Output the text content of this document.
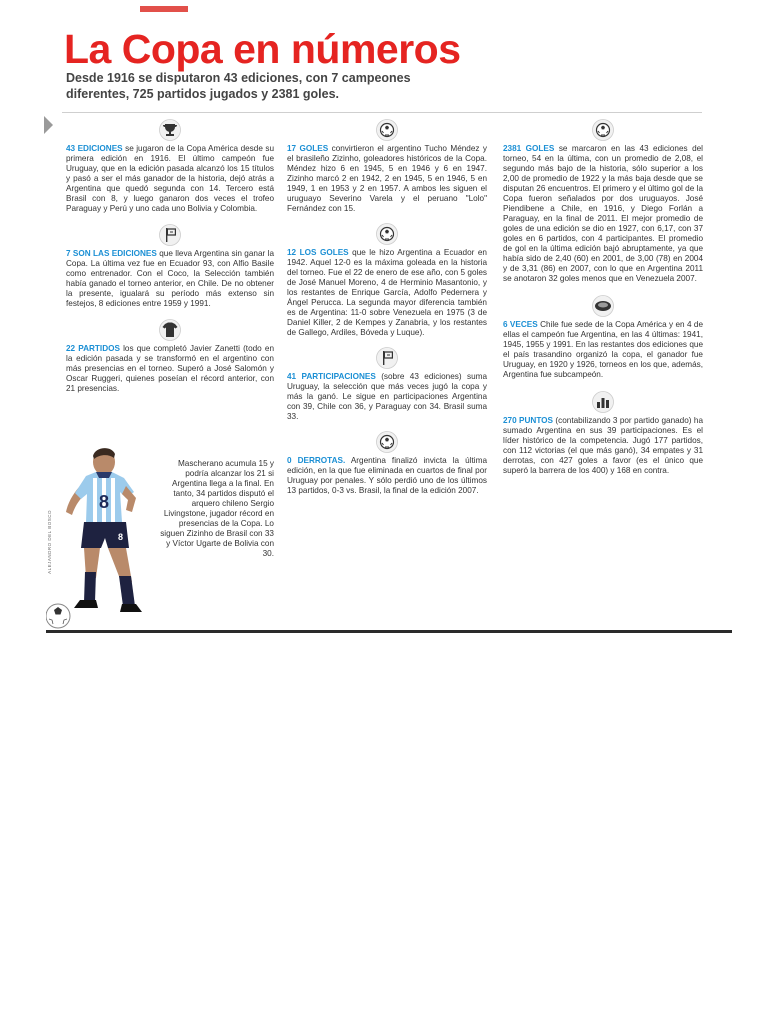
La Copa en números

Desde 1916 se disputaron 43 ediciones, con 7 campeones diferentes, 725 partidos jugados y 2381 goles.

43 EDICIONES se jugaron de la Copa América desde su primera edición en 1916. El último campeón fue Uruguay, que en la edición pasada alcanzó los 15 títulos y pasó a ser el más ganador de la historia, dejó atrás a Argentina que quedó segunda con 14. Tercero está Brasil con 8, y luego ganaron dos veces el trofeo Paraguay y Perú y uno cada uno Bolivia y Colombia.

7 SON LAS EDICIONES que lleva Argentina sin ganar la Copa. La última vez fue en Ecuador 93, con Alfio Basile como entrenador. Con el Coco, la Selección también había ganado el torneo anterior, en Chile. De no obtener la presente, igualará su período más extenso sin festejos, 8 ediciones entre 1959 y 1991.

22 PARTIDOS los que completó Javier Zanetti (todo en la edición pasada y se transformó en el argentino con más presencias en el torneo. Superó a José Salomón y Oscar Ruggeri, quienes poseían el récord anterior, con 21 presencias.

Mascherano acumula 15 y podría alcanzar los 21 si Argentina llega a la final. En tanto, 34 partidos disputó el arquero chileno Sergio Livingstone, jugador récord en presencias de la Copa. Lo siguen Zizinho de Brasil con 33 y Víctor Ugarte de Bolivia con 30.

8
8
ALEJANDRO DEL BOSCO

17 GOLES convirtieron el argentino Tucho Méndez y el brasileño Zizinho, goleadores históricos de la Copa. Méndez hizo 6 en 1945, 5 en 1946 y 6 en 1947. Zizinho marcó 2 en 1942, 2 en 1945, 5 en 1946, 5 en 1949, 1 en 1953 y 2 en 1957. A ambos les siguen el uruguayo Severino Varela y el peruano "Lolo" Fernández con 15.

12 LOS GOLES que le hizo Argentina a Ecuador en 1942. Aquel 12-0 es la máxima goleada en la historia del torneo. Fue el 22 de enero de ese año, con 5 goles de José Manuel Moreno, 4 de Herminio Masantonio, y los restantes de Enrique García, Adolfo Pedernera y Ángel Perucca. La segunda mayor diferencia también es de Argentina: 11-0 sobre Venezuela en 1975 (3 de Daniel Killer, 2 de Kempes y Zanabria, y los restantes de Gallego, Ardiles, Bóveda y Luque).

41 PARTICIPACIONES (sobre 43 ediciones) suma Uruguay, la selección que más veces jugó la copa y más la ganó. Le sigue en participaciones Argentina con 39, Chile con 36, y Paraguay con 34. Brasil suma 33.

0 DERROTAS. Argentina finalizó invicta la última edición, en la que fue eliminada en cuartos de final por Uruguay por penales. Y sólo perdió uno de los últimos 13 partidos, 0-3 vs. Brasil, la final de la edición 2007.

2381 GOLES se marcaron en las 43 ediciones del torneo, 54 en la última, con un promedio de 2,08, el segundo más bajo de la historia, sólo superior a los 2,00 de promedio de 1922 y la más baja desde que se disputan 26 encuentros. El primero y el último gol de la Copa fueron señalados por dos uruguayos. José Piendibene a Chile, en 1916, y Diego Forlán a Paraguay, en la final de 2011. El mejor promedio de goles de una edición se dio en 1927, con 6,17, con 37 goles en 6 partidos, con 4 participantes. El promedio de gol en la última edición bajó abruptamente, ya que había sido de 2,40 (60) en 2001, de 3,00 (78) en 2004 y de 3,31 (86) en 2007, con lo que en Argentina 2011 se anotaron 32 goles menos que en Venezuela 2007.

6 VECES Chile fue sede de la Copa América y en 4 de ellas el campeón fue Argentina, en las 4 últimas: 1941, 1945, 1955 y 1991. En las restantes dos ediciones que el país trasandino organizó la copa, el ganador fue Uruguay, en 1920 y 1926, torneos en los que, además, Argentina fue subcampeón.

270 PUNTOS (contabilizando 3 por partido ganado) ha sumado Argentina en sus 39 participaciones. Es el líder histórico de la competencia. Jugó 177 partidos, con 112 victorias (el que más ganó), 34 empates y 31 derrotas, con 427 goles a favor (es el único que superó la barrera de los 400) y 168 en contra.
